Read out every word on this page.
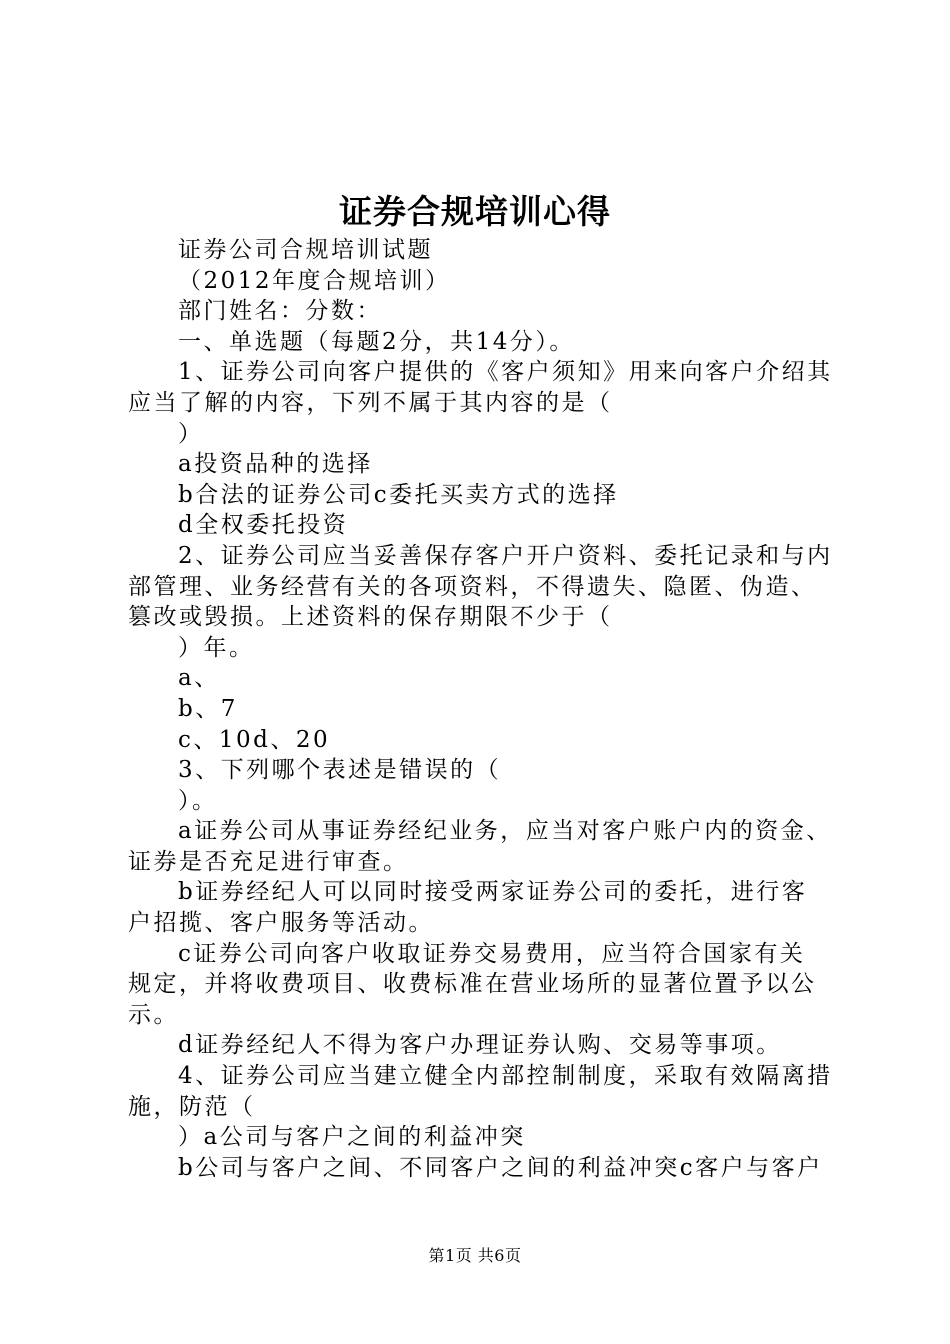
证券合规培训心得
证券公司合规培训试题
（2012年度合规培训）
部门姓名：分数：
一、单选题（每题2分，共14分）。
1、证券公司向客户提供的《客户须知》用来向客户介绍其
应当了解的内容，下列不属于其内容的是（
）
a投资品种的选择
b合法的证券公司c委托买卖方式的选择
d全权委托投资
2、证券公司应当妥善保存客户开户资料、委托记录和与内
部管理、业务经营有关的各项资料，不得遗失、隐匿、伪造、
篡改或毁损。上述资料的保存期限不少于（
）年。
a、
b、7
c、10d、20
3、下列哪个表述是错误的（
）。
a证券公司从事证券经纪业务，应当对客户账户内的资金、
证券是否充足进行审查。
b证券经纪人可以同时接受两家证券公司的委托，进行客
户招揽、客户服务等活动。
c证券公司向客户收取证券交易费用，应当符合国家有关
规定，并将收费项目、收费标准在营业场所的显著位置予以公
示。
d证券经纪人不得为客户办理证券认购、交易等事项。
4、证券公司应当建立健全内部控制制度，采取有效隔离措
施，防范（
）a公司与客户之间的利益冲突
b公司与客户之间、不同客户之间的利益冲突c客户与客户
第1页 共6页
